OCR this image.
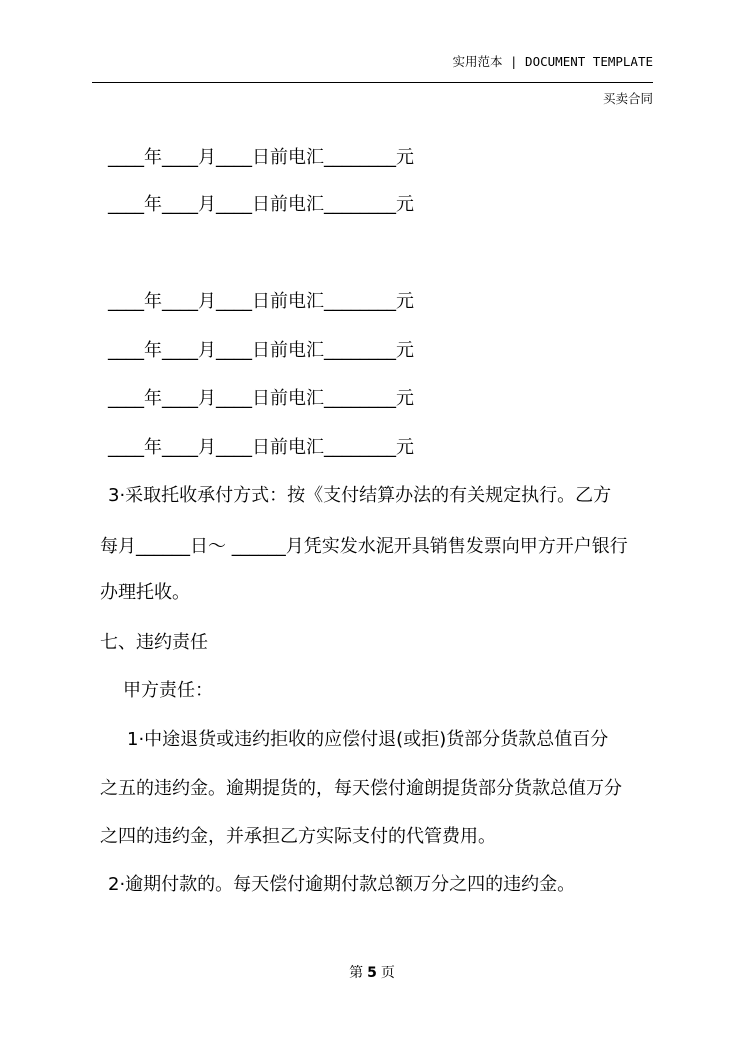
实用范本 | DOCUMENT TEMPLATE
买卖合同
____年____月____日前电汇________元
____年____月____日前电汇________元
____年____月____日前电汇________元
____年____月____日前电汇________元
____年____月____日前电汇________元
____年____月____日前电汇________元
3·采取托收承付方式：按《支付结算办法的有关规定执行。乙方
每月______日～ ______月凭实发水泥开具销售发票向甲方开户银行
办理托收。
七、违约责任
甲方责任：
1·中途退货或违约拒收的应偿付退(或拒)货部分货款总值百分
之五的违约金。逾期提货的，每天偿付逾朗提货部分货款总值万分
之四的违约金，并承担乙方实际支付的代管费用。
2·逾期付款的。每天偿付逾期付款总额万分之四的违约金。
第 5 页
